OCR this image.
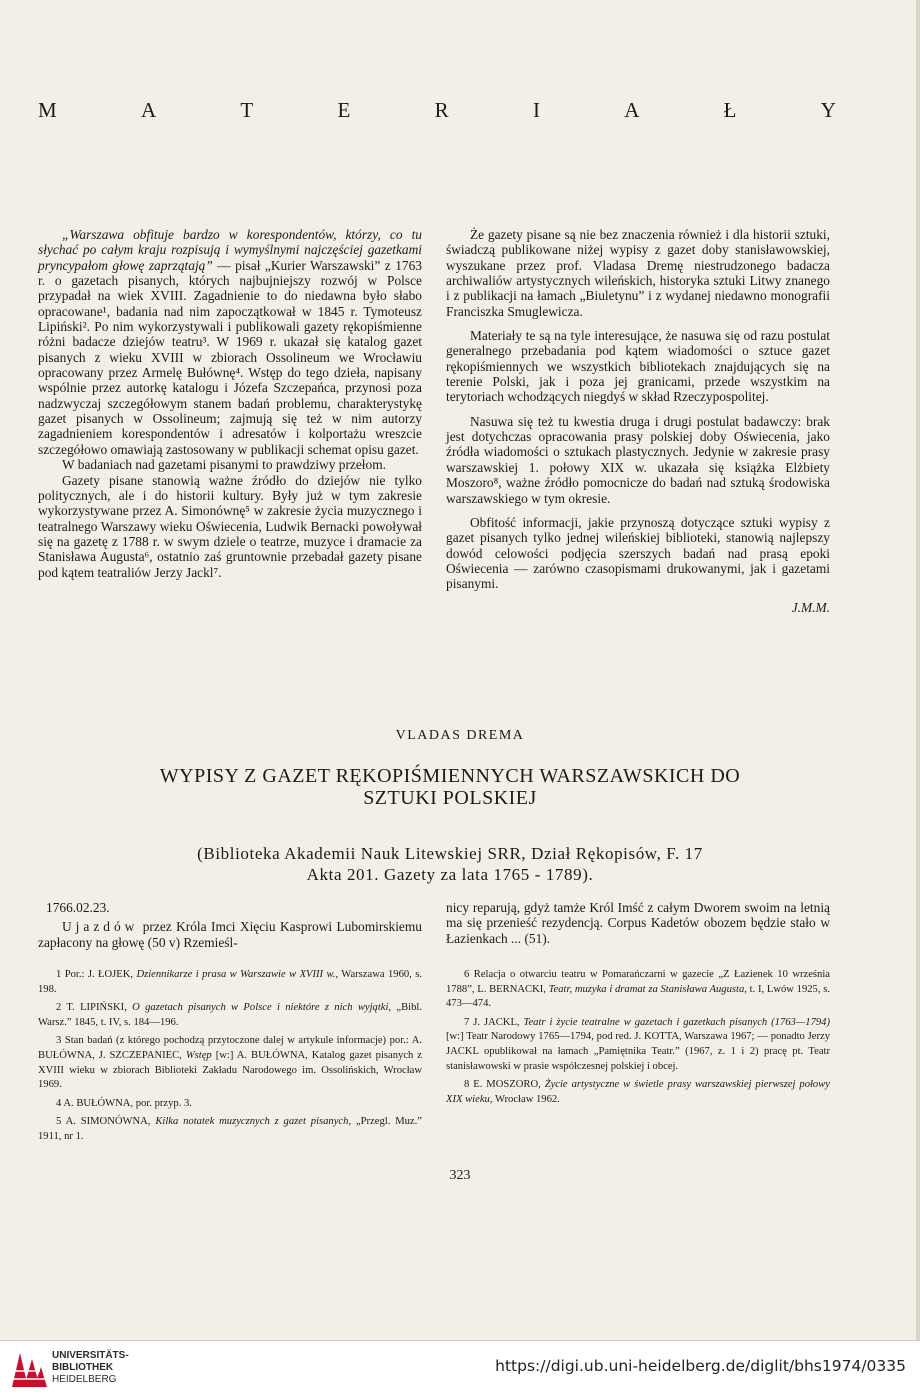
M	A	T	E	R	I	A	Ł	Y

„Warszawa obfituje bardzo w korespondentów, którzy, co tu słychać po całym kraju rozpisują i wymyślnymi najczęściej gazetkami pryncypałom głowę zaprzątają” — pisał „Kurier Warszawski” z 1763 r. o gazetach pisanych, których najbujniejszy rozwój w Polsce przypadał na wiek XVIII. Zagadnienie to do niedawna było słabo opracowane¹, badania nad nim zapoczątkował w 1845 r. Tymoteusz Lipiński². Po nim wykorzystywali i publikowali gazety rękopiśmienne różni badacze dziejów teatru³. W 1969 r. ukazał się katalog gazet pisanych z wieku XVIII w zbiorach Ossolineum we Wrocławiu opracowany przez Armelę Bułównę⁴. Wstęp do tego dzieła, napisany wspólnie przez autorkę katalogu i Józefa Szczepańca, przynosi poza nadzwyczaj szczegółowym stanem badań problemu, charakterystykę gazet pisanych w Ossolineum; zajmują się też w nim autorzy zagadnieniem korespondentów i adresatów i kolportażu wreszcie szczegółowo omawiają zastosowany w publikacji schemat opisu gazet.

W badaniach nad gazetami pisanymi to prawdziwy przełom.

Gazety pisane stanowią ważne źródło do dziejów nie tylko politycznych, ale i do historii kultury. Były już w tym zakresie wykorzystywane przez A. Simonównę⁵ w zakresie życia muzycznego i teatralnego Warszawy wieku Oświecenia, Ludwik Bernacki powoływał się na gazetę z 1788 r. w swym dziele o teatrze, muzyce i dramacie za Stanisława Augusta⁶, ostatnio zaś gruntownie przebadał gazety pisane pod kątem teatraliów Jerzy Jackl⁷.

Że gazety pisane są nie bez znaczenia również i dla historii sztuki, świadczą publikowane niżej wypisy z gazet doby stanisławowskiej, wyszukane przez prof. Vladasa Dremę niestrudzonego badacza archiwaliów artystycznych wileńskich, historyka sztuki Litwy znanego i z publikacji na łamach „Biuletynu” i z wydanej niedawno monografii Franciszka Smuglewicza.

Materiały te są na tyle interesujące, że nasuwa się od razu postulat generalnego przebadania pod kątem wiadomości o sztuce gazet rękopiśmiennych we wszystkich bibliotekach znajdujących się na terenie Polski, jak i poza jej granicami, przede wszystkim na terytoriach wchodzących niegdyś w skład Rzeczypospolitej.

Nasuwa się też tu kwestia druga i drugi postulat badawczy: brak jest dotychczas opracowania prasy polskiej doby Oświecenia, jako źródła wiadomości o sztukach plastycznych. Jedynie w zakresie prasy warszawskiej 1. połowy XIX w. ukazała się książka Elżbiety Moszoro⁸, ważne źródło pomocnicze do badań nad sztuką środowiska warszawskiego w tym okresie.

Obfitość informacji, jakie przynoszą dotyczące sztuki wypisy z gazet pisanych tylko jednej wileńskiej biblioteki, stanowią najlepszy dowód celowości podjęcia szerszych badań nad prasą epoki Oświecenia — zarówno czasopismami drukowanymi, jak i gazetami pisanymi.

J.M.M.

VLADAS DREMA
WYPISY Z GAZET RĘKOPIŚMIENNYCH WARSZAWSKICH DO
SZTUKI POLSKIEJ
(Biblioteka Akademii Nauk Litewskiej SRR, Dział Rękopisów, F. 17
Akta 201. Gazety za lata 1765 - 1789).
1766.02.23.

Ujazdów przez Króla Imci Xięciu Kasprowi Lubomirskiemu zapłacony na głowę (50 v) Rzemieśl-

nicy reparują, gdyż tamże Król Imść z całym Dworem swoim na letnią ma się przenieść rezydencją. Corpus Kadetów obozem będzie stało w Łazienkach ... (51).

1 Por.: J. ŁOJEK, Dziennikarze i prasa w Warszawie w XVIII w., Warszawa 1960, s. 198.

2 T. LIPIŃSKI, O gazetach pisanych w Polsce i niektóre z nich wyjątki, „Bibl. Warsz.” 1845, t. IV, s. 184—196.

3 Stan badań (z którego pochodzą przytoczone dalej w artykule informacje) por.: A. BUŁÓWNA, J. SZCZEPANIEC, Wstęp [w:] A. BUŁÓWNA, Katalog gazet pisanych z XVIII wieku w zbiorach Biblioteki Zakładu Narodowego im. Ossolińskich, Wrocław 1969.

4 A. BUŁÓWNA, por. przyp. 3.

5 A. SIMONÓWNA, Kilka notatek muzycznych z gazet pisanych, „Przegl. Muz.” 1911, nr 1.

6 Relacja o otwarciu teatru w Pomarańczarni w gazecie „Z Łazienek 10 września 1788”, L. BERNACKI, Teatr, muzyka i dramat za Stanisława Augusta, t. I, Lwów 1925, s. 473—474.

7 J. JACKL, Teatr i życie teatralne w gazetach i gazetkach pisanych (1763—1794) [w:] Teatr Narodowy 1765—1794, pod red. J. KOTTA, Warszawa 1967; — ponadto Jerzy JACKL opublikował na łamach „Pamiętnika Teatr.” (1967, z. 1 i 2) pracę pt. Teatr stanisławowski w prasie współczesnej polskiej i obcej.

8 E. MOSZORO, Życie artystyczne w świetle prasy warszawskiej pierwszej połowy XIX wieku, Wrocław 1962.

323
UNIVERSITÄTS-
BIBLIOTHEK
HEIDELBERG
https://digi.ub.uni-heidelberg.de/diglit/bhs1974/0335
